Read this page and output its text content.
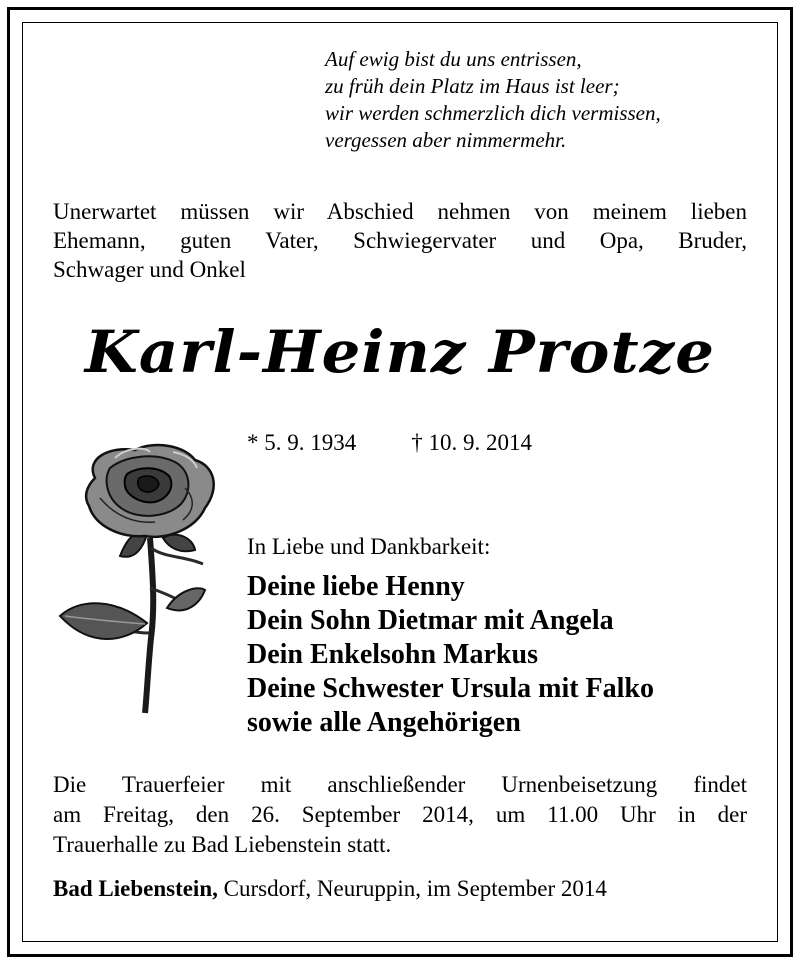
Auf ewig bist du uns entrissen,
zu früh dein Platz im Haus ist leer;
wir werden schmerzlich dich vermissen,
vergessen aber nimmermehr.
Unerwartet müssen wir Abschied nehmen von meinem lieben
Ehemann, guten Vater, Schwiegervater und Opa, Bruder,
Schwager und Onkel
Karl-Heinz Protze
* 5. 9. 1934 † 10. 9. 2014
In Liebe und Dankbarkeit:
Deine liebe Henny
Dein Sohn Dietmar mit Angela
Dein Enkelsohn Markus
Deine Schwester Ursula mit Falko
sowie alle Angehörigen
Die Trauerfeier mit anschließender Urnenbeisetzung findet
am Freitag, den 26. September 2014, um 11.00 Uhr in der
Trauerhalle zu Bad Liebenstein statt.
Bad Liebenstein, Cursdorf, Neuruppin, im September 2014
